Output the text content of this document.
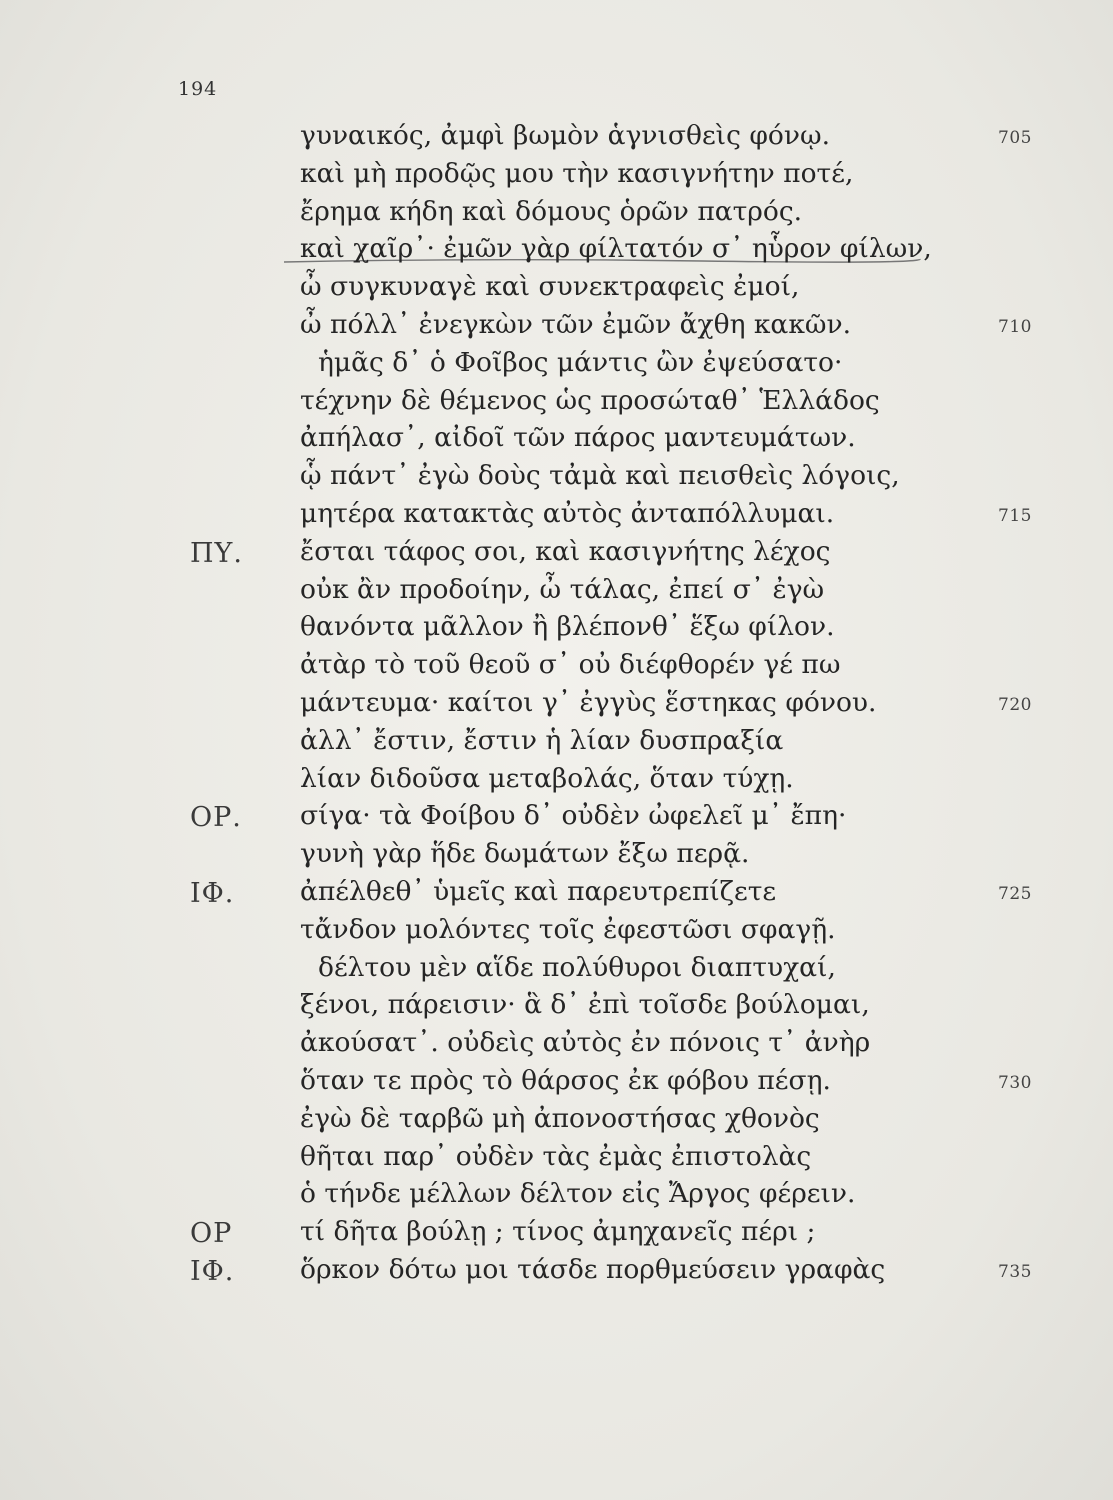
194
γυναικός, ἀμφὶ βωμὸν ἁγνισθεὶς φόνῳ.	705
καὶ μὴ προδῷς μου τὴν κασιγνήτην ποτέ,
ἔρημα κήδη καὶ δόμους ὁρῶν πατρός.
καὶ χαῖρ᾽· ἐμῶν γὰρ φίλτατόν σ᾽ ηὗρον φίλων,
ὦ συγκυναγὲ καὶ συνεκτραφεὶς ἐμοί,
ὦ πόλλ᾽ ἐνεγκὼν τῶν ἐμῶν ἄχθη κακῶν.	710
ἡμᾶς δ᾽ ὁ Φοῖβος μάντις ὢν ἐψεύσατο·
τέχνην δὲ θέμενος ὡς προσώταθ᾽ Ἑλλάδος
ἀπήλασ᾽, αἰδοῖ τῶν πάρος μαντευμάτων.
ᾧ πάντ᾽ ἐγὼ δοὺς τἀμὰ καὶ πεισθεὶς λόγοις,
μητέρα κατακτὰς αὐτὸς ἀνταπόλλυμαι.	715
ΠΥ. ἔσται τάφος σοι, καὶ κασιγνήτης λέχος
οὐκ ἂν προδοίην, ὦ τάλας, ἐπεί σ᾽ ἐγὼ
θανόντα μᾶλλον ἢ βλέπονθ᾽ ἕξω φίλον.
ἀτὰρ τὸ τοῦ θεοῦ σ᾽ οὐ διέφθορέν γέ πω
μάντευμα· καίτοι γ᾽ ἐγγὺς ἕστηκας φόνου.	720
ἀλλ᾽ ἔστιν, ἔστιν ἡ λίαν δυσπραξία
λίαν διδοῦσα μεταβολάς, ὅταν τύχῃ.
ΟΡ. σίγα· τὰ Φοίβου δ᾽ οὐδὲν ὠφελεῖ μ᾽ ἔπη·
γυνὴ γὰρ ἥδε δωμάτων ἔξω περᾷ.
ΙΦ. ἀπέλθεθ᾽ ὑμεῖς καὶ παρευτρεπίζετε	725
τἄνδον μολόντες τοῖς ἐφεστῶσι σφαγῇ.
δέλτου μὲν αἵδε πολύθυροι διαπτυχαί,
ξένοι, πάρεισιν· ἃ δ᾽ ἐπὶ τοῖσδε βούλομαι,
ἀκούσατ᾽. οὐδεὶς αὐτὸς ἐν πόνοις τ᾽ ἀνὴρ
ὅταν τε πρὸς τὸ θάρσος ἐκ φόβου πέσῃ.	730
ἐγὼ δὲ ταρβῶ μὴ ἀπονοστήσας χθονὸς
θῆται παρ᾽ οὐδὲν τὰς ἐμὰς ἐπιστολὰς
ὁ τήνδε μέλλων δέλτον εἰς Ἄργος φέρειν.
ΟΡ	τί δῆτα βούλῃ ; τίνος ἀμηχανεῖς πέρι ;
ΙΦ. ὅρκον δότω μοι τάσδε πορθμεύσειν γραφὰς	735
